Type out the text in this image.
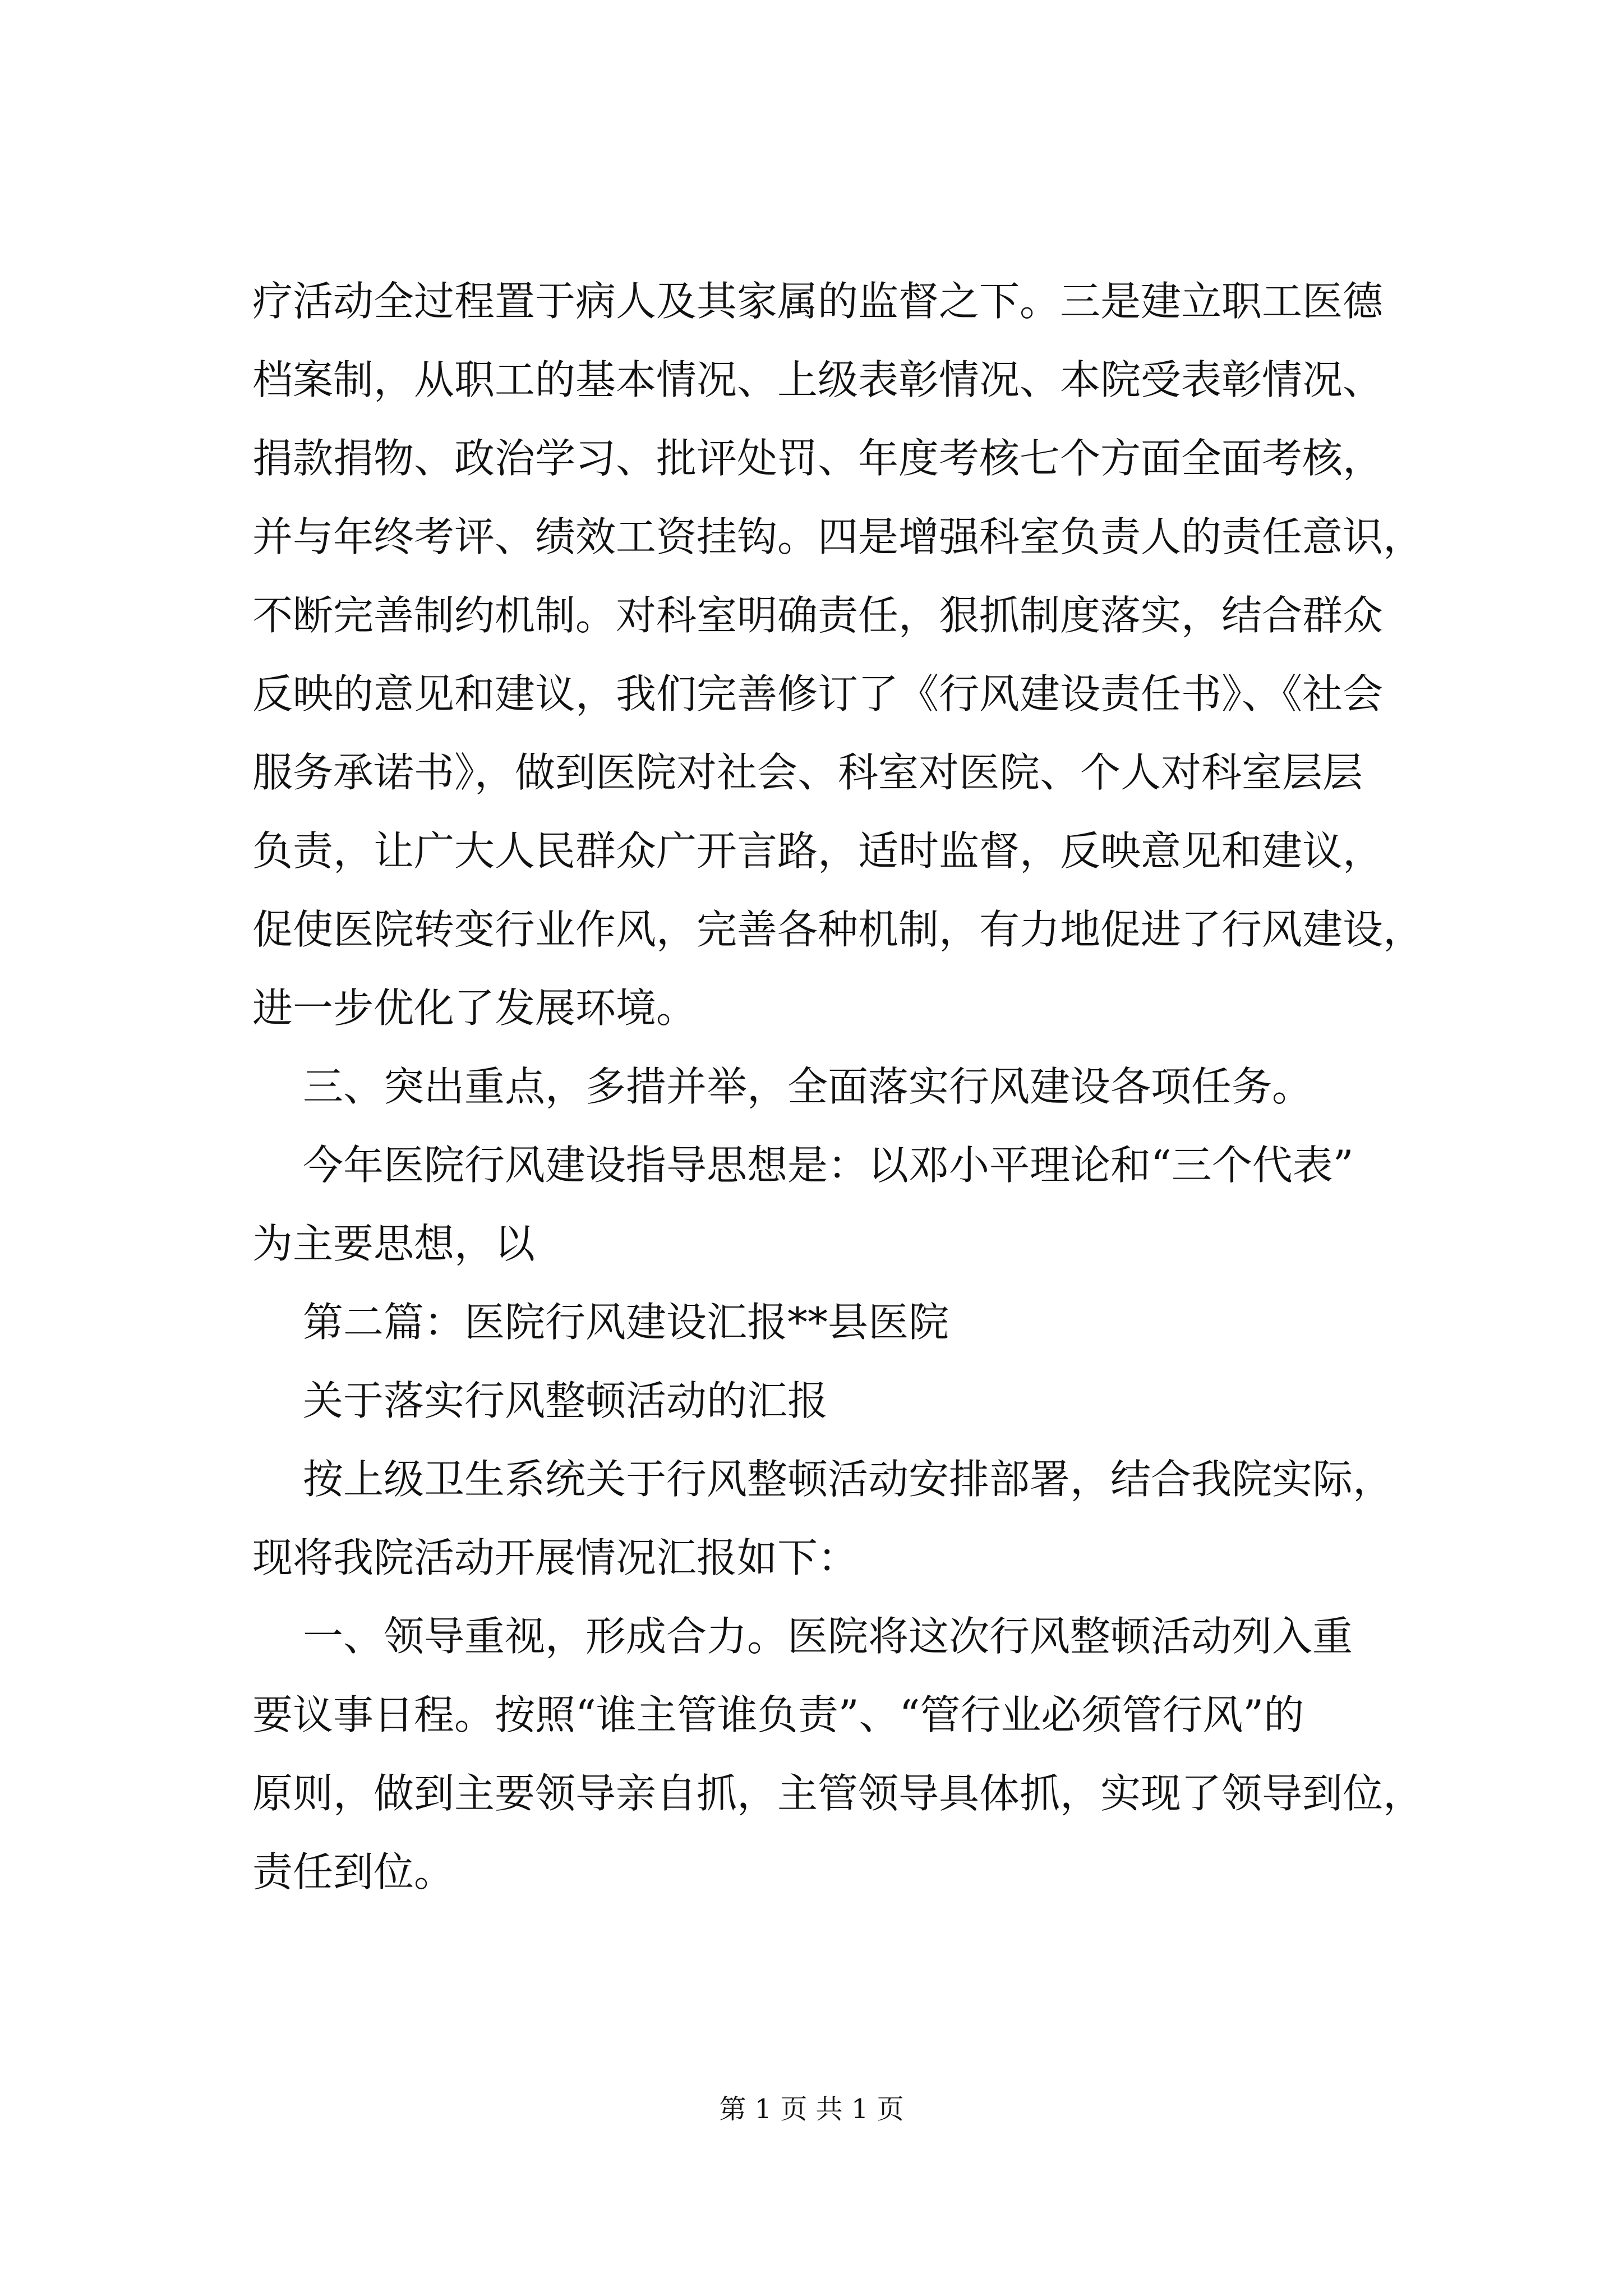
疗活动全过程置于病人及其家属的监督之下。三是建立职工医德
档案制，从职工的基本情况、上级表彰情况、本院受表彰情况、
捐款捐物、政治学习、批评处罚、年度考核七个方面全面考核，
并与年终考评、绩效工资挂钩。四是增强科室负责人的责任意识，
不断完善制约机制。对科室明确责任，狠抓制度落实，结合群众
反映的意见和建议，我们完善修订了《行风建设责任书》、《社会
服务承诺书》，做到医院对社会、科室对医院、个人对科室层层
负责，让广大人民群众广开言路，适时监督，反映意见和建议，
促使医院转变行业作风，完善各种机制，有力地促进了行风建设，
进一步优化了发展环境。
三、突出重点，多措并举，全面落实行风建设各项任务。
今年医院行风建设指导思想是：以邓小平理论和“三个代表”
为主要思想，以
第二篇：医院行风建设汇报**县医院
关于落实行风整顿活动的汇报
按上级卫生系统关于行风整顿活动安排部署，结合我院实际，
现将我院活动开展情况汇报如下：
一、领导重视，形成合力。医院将这次行风整顿活动列入重
要议事日程。按照“谁主管谁负责”、“管行业必须管行风”的
原则，做到主要领导亲自抓，主管领导具体抓，实现了领导到位，
责任到位。
第 1 页 共 1 页
